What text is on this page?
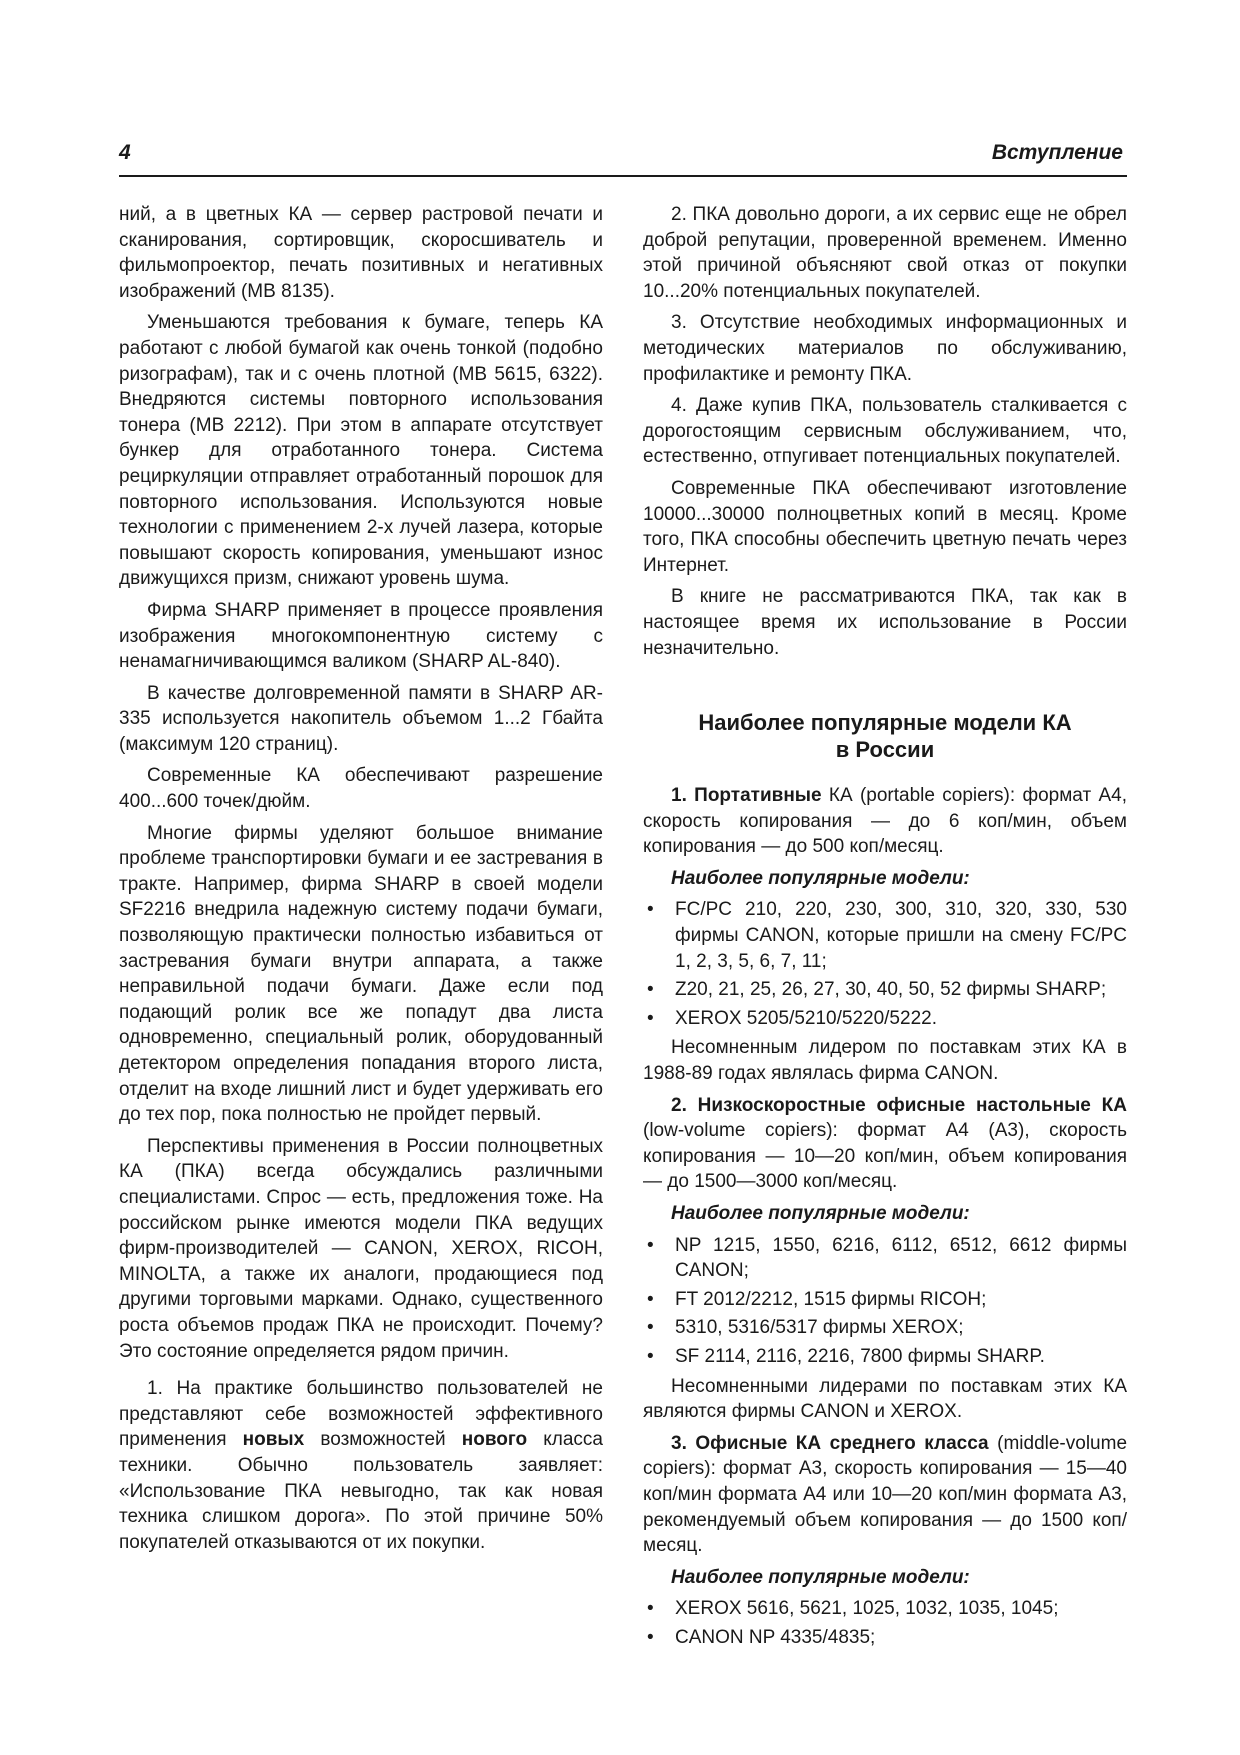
4	Вступление

ний, а в цветных КА — сервер растровой печати и сканирования, сортировщик, скоросшиватель и фильмопроектор, печать позитивных и негативных изображений (МВ 8135).

Уменьшаются требования к бумаге, теперь КА работают с любой бумагой как очень тонкой (подобно ризографам), так и с очень плотной (МВ 5615, 6322). Внедряются системы повторного использования тонера (МВ 2212). При этом в аппарате отсутствует бункер для отработанного тонера. Система рециркуляции отправляет отработанный порошок для повторного использования. Используются новые технологии с применением 2-х лучей лазера, которые повышают скорость копирования, уменьшают износ движущихся призм, снижают уровень шума.

Фирма SHARP применяет в процессе проявления изображения многокомпонентную систему с ненамагничивающимся валиком (SHARP AL-840).

В качестве долговременной памяти в SHARP AR-335 используется накопитель объемом 1...2 Гбайта (максимум 120 страниц).

Современные КА обеспечивают разрешение 400...600 точек/дюйм.

Многие фирмы уделяют большое внимание проблеме транспортировки бумаги и ее застревания в тракте. Например, фирма SHARP в своей модели SF2216 внедрила надежную систему подачи бумаги, позволяющую практически полностью избавиться от застревания бумаги внутри аппарата, а также неправильной подачи бумаги. Даже если под подающий ролик все же попадут два листа одновременно, специальный ролик, оборудованный детектором определения попадания второго листа, отделит на входе лишний лист и будет удерживать его до тех пор, пока полностью не пройдет первый.

Перспективы применения в России полноцветных КА (ПКА) всегда обсуждались различными специалистами. Спрос — есть, предложения тоже. На российском рынке имеются модели ПКА ведущих фирм-производителей — CANON, XEROX, RICOH, MINOLTA, а также их аналоги, продающиеся под другими торговыми марками. Однако, существенного роста объемов продаж ПКА не происходит. Почему? Это состояние определяется рядом причин.

1. На практике большинство пользователей не представляют себе возможностей эффективного применения новых возможностей нового класса техники. Обычно пользователь заявляет: «Использование ПКА невыгодно, так как новая техника слишком дорога». По этой причине 50% покупателей отказываются от их покупки.

2. ПКА довольно дороги, а их сервис еще не обрел доброй репутации, проверенной временем. Именно этой причиной объясняют свой отказ от покупки 10...20% потенциальных покупателей.

3. Отсутствие необходимых информационных и методических материалов по обслуживанию, профилактике и ремонту ПКА.

4. Даже купив ПКА, пользователь сталкивается с дорогостоящим сервисным обслуживанием, что, естественно, отпугивает потенциальных покупателей.

Современные ПКА обеспечивают изготовление 10000...30000 полноцветных копий в месяц. Кроме того, ПКА способны обеспечить цветную печать через Интернет.

В книге не рассматриваются ПКА, так как в настоящее время их использование в России незначительно.

Наиболее популярные модели КА
в России

1. Портативные КА (portable copiers): формат А4, скорость копирования — до 6 коп/мин, объем копирования — до 500 коп/месяц.

Наиболее популярные модели:
• FC/PC 210, 220, 230, 300, 310, 320, 330, 530 фирмы CANON, которые пришли на смену FC/PC 1, 2, 3, 5, 6, 7, 11;
• Z20, 21, 25, 26, 27, 30, 40, 50, 52 фирмы SHARP;
• XEROX 5205/5210/5220/5222.

Несомненным лидером по поставкам этих КА в 1988-89 годах являлась фирма CANON.

2. Низкоскоростные офисные настольные КА (low-volume copiers): формат А4 (А3), скорость копирования — 10—20 коп/мин, объем копирования — до 1500—3000 коп/месяц.

Наиболее популярные модели:
• NP 1215, 1550, 6216, 6112, 6512, 6612 фирмы CANON;
• FT 2012/2212, 1515 фирмы RICOH;
• 5310, 5316/5317 фирмы XEROX;
• SF 2114, 2116, 2216, 7800 фирмы SHARP.

Несомненными лидерами по поставкам этих КА являются фирмы CANON и XEROX.

3. Офисные КА среднего класса (middle-volume copiers): формат А3, скорость копирования — 15—40 коп/мин формата А4 или 10—20 коп/мин формата А3, рекомендуемый объем копирования — до 1500 коп/месяц.

Наиболее популярные модели:
• XEROX 5616, 5621, 1025, 1032, 1035, 1045;
• CANON NP 4335/4835;
